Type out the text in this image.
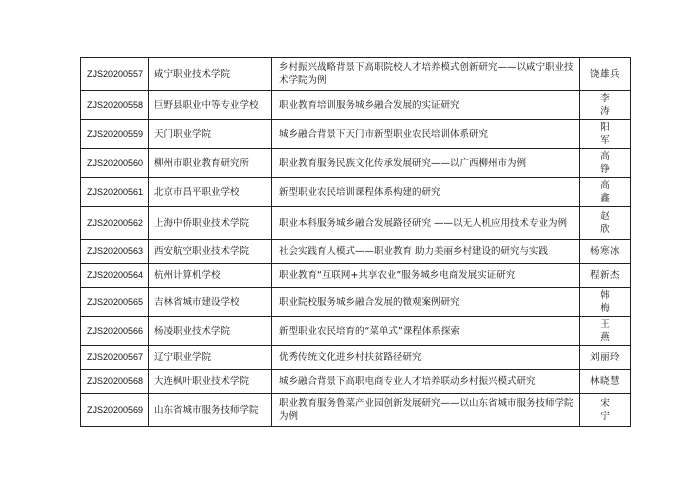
ZJS20200557	咸宁职业技术学院	乡村振兴战略背景下高职院校人才培养模式创新研究——以咸宁职业技术学院为例	饶雄兵
ZJS20200558	巨野县职业中等专业学校	职业教育培训服务城乡融合发展的实证研究	李涛
ZJS20200559	天门职业学院	城乡融合背景下天门市新型职业农民培训体系研究	阳军
ZJS20200560	柳州市职业教育研究所	职业教育服务民族文化传承发展研究——以广西柳州市为例	高铮
ZJS20200561	北京市昌平职业学校	新型职业农民培训课程体系构建的研究	高鑫
ZJS20200562	上海中侨职业技术学院	职业本科服务城乡融合发展路径研究 ——以无人机应用技术专业为例	赵欣
ZJS20200563	西安航空职业技术学院	社会实践育人模式——职业教育 助力美丽乡村建设的研究与实践	杨寒冰
ZJS20200564	杭州计算机学校	职业教育“互联网+共享农业”服务城乡电商发展实证研究	程新杰
ZJS20200565	吉林省城市建设学校	职业院校服务城乡融合发展的微观案例研究	韩梅
ZJS20200566	杨凌职业技术学院	新型职业农民培育的“菜单式”课程体系探索	王燕
ZJS20200567	辽宁职业学院	优秀传统文化进乡村扶贫路径研究	刘丽玲
ZJS20200568	大连枫叶职业技术学院	城乡融合背景下高职电商专业人才培养联动乡村振兴模式研究	林晓慧
ZJS20200569	山东省城市服务技师学院	职业教育服务鲁菜产业园创新发展研究——以山东省城市服务技师学院为例	宋宁
